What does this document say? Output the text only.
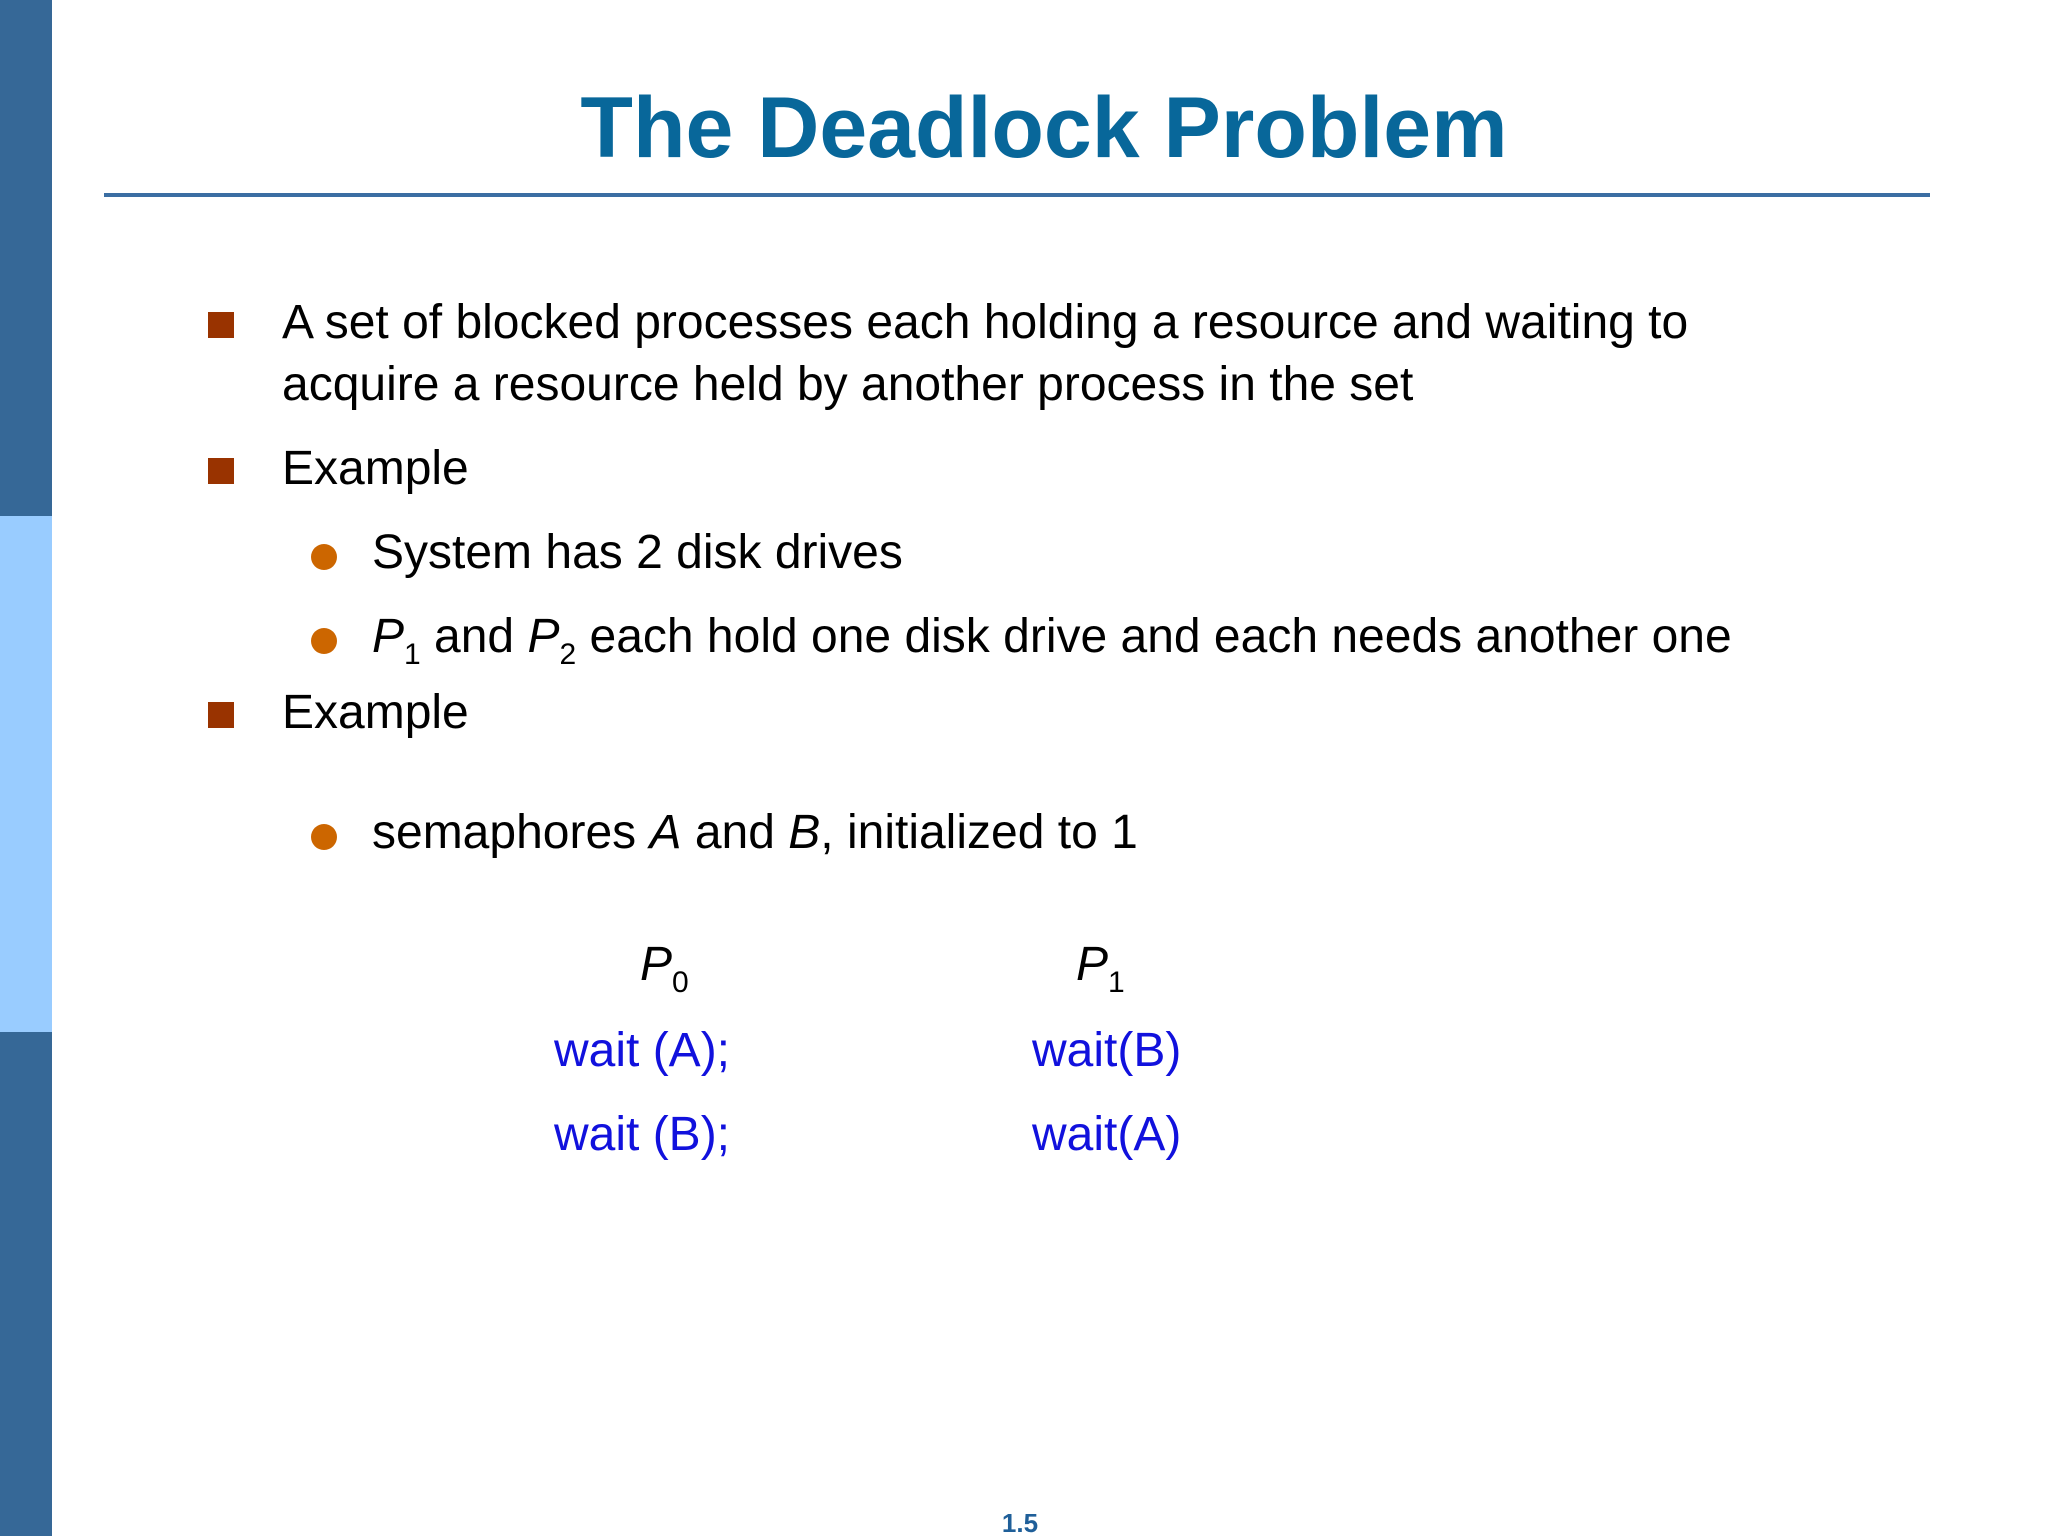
The Deadlock Problem
A set of blocked processes each holding a resource and waiting to
acquire a resource held by another process in the set
Example
System has 2 disk drives
$P_1$ and $P_2$ each hold one disk drive and each needs another one
Example
semaphores A and B, initialized to 1
$P_0$
wait (A);
wait (B);
$P_1$
wait(B)
wait(A)
1.5
